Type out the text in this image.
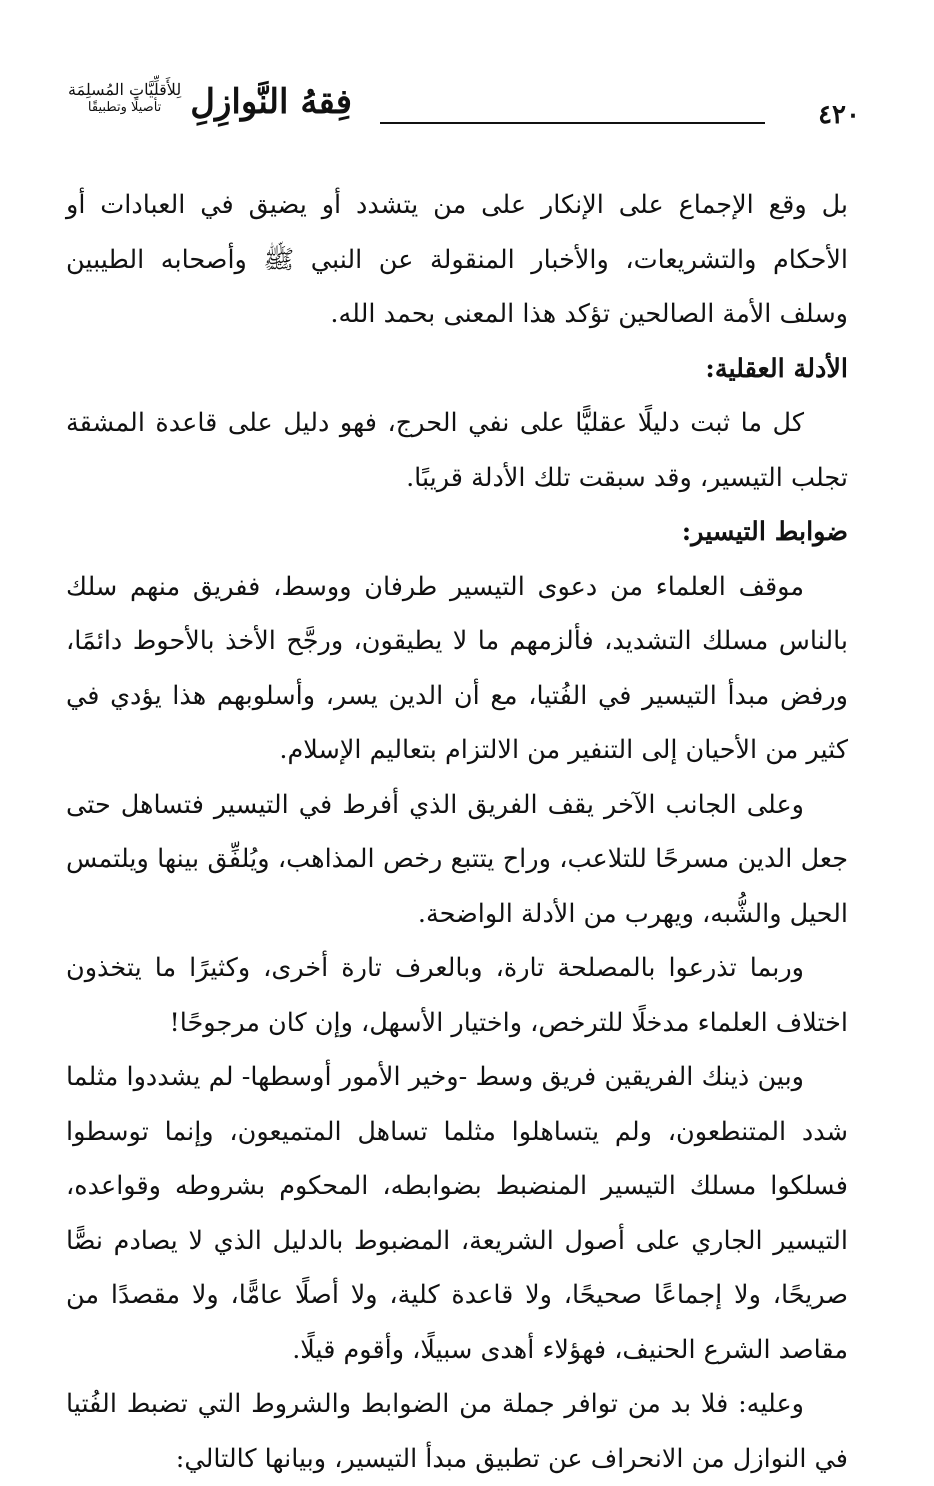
٤٢٠
فِقهُ النَّوازِلِ لِلأَقلِّيَّاتِ المُسلِمَة
تأصيلًا وتطبيقًا

بل وقع الإجماع على الإنكار على من يتشدد أو يضيق في العبادات أو الأحكام والتشريعات، والأخبار المنقولة عن النبي ﷺ وأصحابه الطيبين وسلف الأمة الصالحين تؤكد هذا المعنى بحمد الله.

الأدلة العقلية:

كل ما ثبت دليلًا عقليًّا على نفي الحرج، فهو دليل على قاعدة المشقة تجلب التيسير، وقد سبقت تلك الأدلة قريبًا.

ضوابط التيسير:

موقف العلماء من دعوى التيسير طرفان ووسط، ففريق منهم سلك بالناس مسلك التشديد، فألزمهم ما لا يطيقون، ورجَّح الأخذ بالأحوط دائمًا، ورفض مبدأ التيسير في الفُتيا، مع أن الدين يسر، وأسلوبهم هذا يؤدي في كثير من الأحيان إلى التنفير من الالتزام بتعاليم الإسلام.

وعلى الجانب الآخر يقف الفريق الذي أفرط في التيسير فتساهل حتى جعل الدين مسرحًا للتلاعب، وراح يتتبع رخص المذاهب، ويُلفِّق بينها ويلتمس الحيل والشُّبه، ويهرب من الأدلة الواضحة.

وربما تذرعوا بالمصلحة تارة، وبالعرف تارة أخرى، وكثيرًا ما يتخذون اختلاف العلماء مدخلًا للترخص، واختيار الأسهل، وإن كان مرجوحًا!

وبين ذينك الفريقين فريق وسط -وخير الأمور أوسطها- لم يشددوا مثلما شدد المتنطعون، ولم يتساهلوا مثلما تساهل المتميعون، وإنما توسطوا فسلكوا مسلك التيسير المنضبط بضوابطه، المحكوم بشروطه وقواعده، التيسير الجاري على أصول الشريعة، المضبوط بالدليل الذي لا يصادم نصًّا صريحًا، ولا إجماعًا صحيحًا، ولا قاعدة كلية، ولا أصلًا عامًّا، ولا مقصدًا من مقاصد الشرع الحنيف، فهؤلاء أهدى سبيلًا، وأقوم قيلًا.

وعليه: فلا بد من توافر جملة من الضوابط والشروط التي تضبط الفُتيا في النوازل من الانحراف عن تطبيق مبدأ التيسير، وبيانها كالتالي:
